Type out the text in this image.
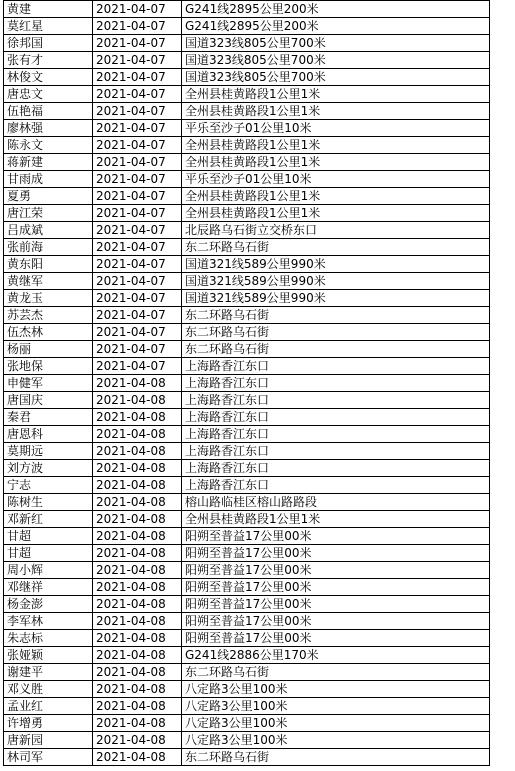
黄建	2021-04-07	G241线2895公里200米
莫红星	2021-04-07	G241线2895公里200米
徐邦国	2021-04-07	国道323线805公里700米
张有才	2021-04-07	国道323线805公里700米
林俊文	2021-04-07	国道323线805公里700米
唐忠文	2021-04-07	全州县桂黄路段1公里1米
伍艳福	2021-04-07	全州县桂黄路段1公里1米
廖林强	2021-04-07	平乐至沙子01公里10米
陈永文	2021-04-07	全州县桂黄路段1公里1米
蒋新建	2021-04-07	全州县桂黄路段1公里1米
甘雨成	2021-04-07	平乐至沙子01公里10米
夏勇	2021-04-07	全州县桂黄路段1公里1米
唐江荣	2021-04-07	全州县桂黄路段1公里1米
吕成斌	2021-04-07	北辰路乌石街立交桥东口
张前海	2021-04-07	东二环路乌石街
黄东阳	2021-04-07	国道321线589公里990米
黄继军	2021-04-07	国道321线589公里990米
黄龙玉	2021-04-07	国道321线589公里990米
苏芸杰	2021-04-07	东二环路乌石街
伍杰林	2021-04-07	东二环路乌石街
杨丽	2021-04-07	东二环路乌石街
张地保	2021-04-07	上海路香江东口
申健军	2021-04-08	上海路香江东口
唐国庆	2021-04-08	上海路香江东口
秦君	2021-04-08	上海路香江东口
唐恩科	2021-04-08	上海路香江东口
莫期远	2021-04-08	上海路香江东口
刘方波	2021-04-08	上海路香江东口
宁志	2021-04-08	上海路香江东口
陈树生	2021-04-08	榕山路临桂区榕山路路段
邓新红	2021-04-08	全州县桂黄路段1公里1米
甘超	2021-04-08	阳朔至普益17公里00米
甘超	2021-04-08	阳朔至普益17公里00米
周小辉	2021-04-08	阳朔至普益17公里00米
邓继祥	2021-04-08	阳朔至普益17公里00米
杨金澎	2021-04-08	阳朔至普益17公里00米
李军林	2021-04-08	阳朔至普益17公里00米
朱志标	2021-04-08	阳朔至普益17公里00米
张娅颖	2021-04-08	G241线2886公里170米
谢建平	2021-04-08	东二环路乌石街
邓义胜	2021-04-08	八定路3公里100米
孟业红	2021-04-08	八定路3公里100米
许增勇	2021-04-08	八定路3公里100米
唐新园	2021-04-08	八定路3公里100米
林司军	2021-04-08	东二环路乌石街
